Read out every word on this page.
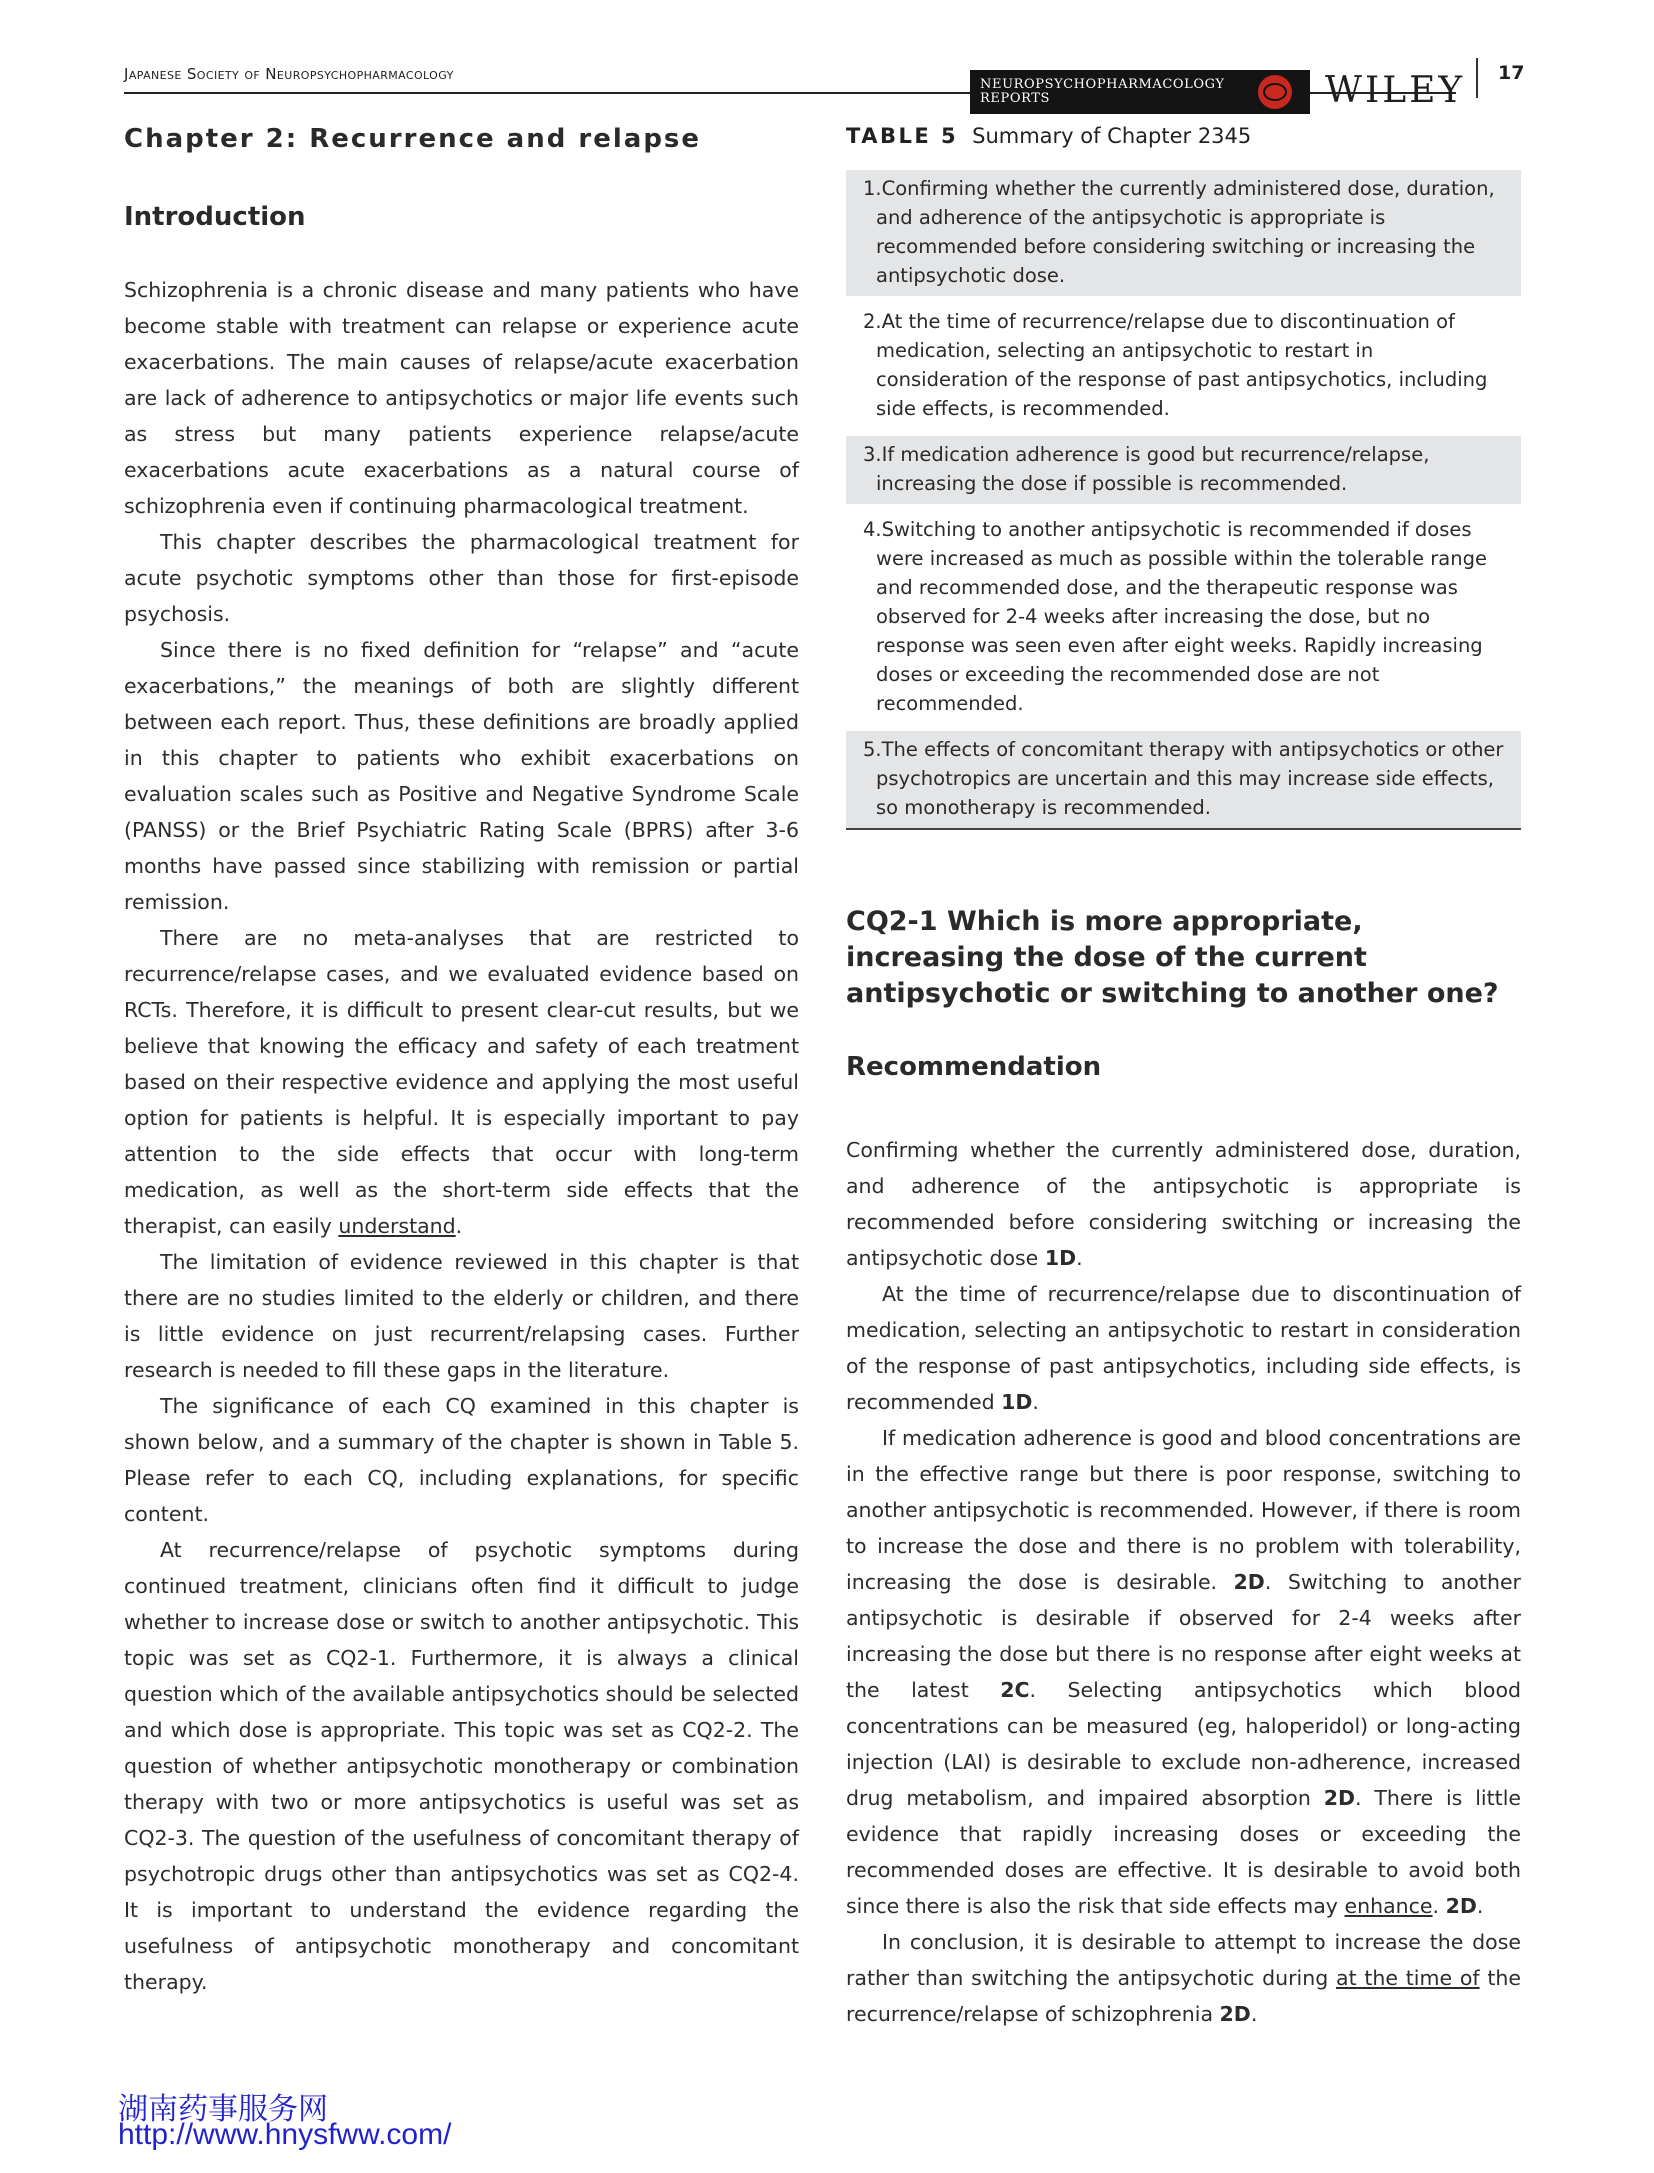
Japanese Society of Neuropsychopharmacology
NEUROPSYCHOPHARMACOLOGY
REPORTS	WILEY 17
Chapter 2: Recurrence and relapse
Introduction

Schizophrenia is a chronic disease and many patients who have become stable with treatment can relapse or experience acute exacerbations. The main causes of relapse/acute exacerbation are lack of adherence to antipsychotics or major life events such as stress but many patients experience relapse/acute exacerbations acute exacerbations as a natural course of schizophrenia even if continuing pharmacological treatment.

This chapter describes the pharmacological treatment for acute psychotic symptoms other than those for first-episode psychosis.

Since there is no fixed definition for “relapse” and “acute exacerbations,” the meanings of both are slightly different between each report. Thus, these definitions are broadly applied in this chapter to patients who exhibit exacerbations on evaluation scales such as Positive and Negative Syndrome Scale (PANSS) or the Brief Psychiatric Rating Scale (BPRS) after 3-6 months have passed since stabilizing with remission or partial remission.

There are no meta-analyses that are restricted to recurrence/relapse cases, and we evaluated evidence based on RCTs. Therefore, it is difficult to present clear-cut results, but we believe that knowing the efficacy and safety of each treatment based on their respective evidence and applying the most useful option for patients is helpful. It is especially important to pay attention to the side effects that occur with long-term medication, as well as the short-term side effects that the therapist, can easily understand.

The limitation of evidence reviewed in this chapter is that there are no studies limited to the elderly or children, and there is little evidence on just recurrent/relapsing cases. Further research is needed to fill these gaps in the literature.

The significance of each CQ examined in this chapter is shown below, and a summary of the chapter is shown in Table 5. Please refer to each CQ, including explanations, for specific content.

At recurrence/relapse of psychotic symptoms during continued treatment, clinicians often find it difficult to judge whether to increase dose or switch to another antipsychotic. This topic was set as CQ2-1. Furthermore, it is always a clinical question which of the available antipsychotics should be selected and which dose is appropriate. This topic was set as CQ2-2. The question of whether antipsychotic monotherapy or combination therapy with two or more antipsychotics is useful was set as CQ2-3. The question of the usefulness of concomitant therapy of psychotropic drugs other than antipsychotics was set as CQ2-4. It is important to understand the evidence regarding the usefulness of antipsychotic monotherapy and concomitant therapy.

TABLE 5 Summary of Chapter 2345

1.Confirming whether the currently administered dose, duration, and adherence of the antipsychotic is appropriate is recommended before considering switching or increasing the antipsychotic dose.
2.At the time of recurrence/relapse due to discontinuation of medication, selecting an antipsychotic to restart in consideration of the response of past antipsychotics, including side effects, is recommended.
3.If medication adherence is good but recurrence/relapse, increasing the dose if possible is recommended.
4.Switching to another antipsychotic is recommended if doses were increased as much as possible within the tolerable range and recommended dose, and the therapeutic response was observed for 2-4 weeks after increasing the dose, but no response was seen even after eight weeks. Rapidly increasing doses or exceeding the recommended dose are not recommended.
5.The effects of concomitant therapy with antipsychotics or other psychotropics are uncertain and this may increase side effects, so monotherapy is recommended.
CQ2-1 Which is more appropriate, increasing the dose of the current antipsychotic or switching to another one?
Recommendation

Confirming whether the currently administered dose, duration, and adherence of the antipsychotic is appropriate is recommended before considering switching or increasing the antipsychotic dose 1D.

At the time of recurrence/relapse due to discontinuation of medication, selecting an antipsychotic to restart in consideration of the response of past antipsychotics, including side effects, is recommended 1D.

If medication adherence is good and blood concentrations are in the effective range but there is poor response, switching to another antipsychotic is recommended. However, if there is room to increase the dose and there is no problem with tolerability, increasing the dose is desirable. 2D. Switching to another antipsychotic is desirable if observed for 2-4 weeks after increasing the dose but there is no response after eight weeks at the latest 2C. Selecting antipsychotics which blood concentrations can be measured (eg, haloperidol) or long-acting injection (LAI) is desirable to exclude non-adherence, increased drug metabolism, and impaired absorption 2D. There is little evidence that rapidly increasing doses or exceeding the recommended doses are effective. It is desirable to avoid both since there is also the risk that side effects may enhance. 2D.

In conclusion, it is desirable to attempt to increase the dose rather than switching the antipsychotic during at the time of the recurrence/relapse of schizophrenia 2D.

湖南药事服务网
http://www.hnysfww.com/
